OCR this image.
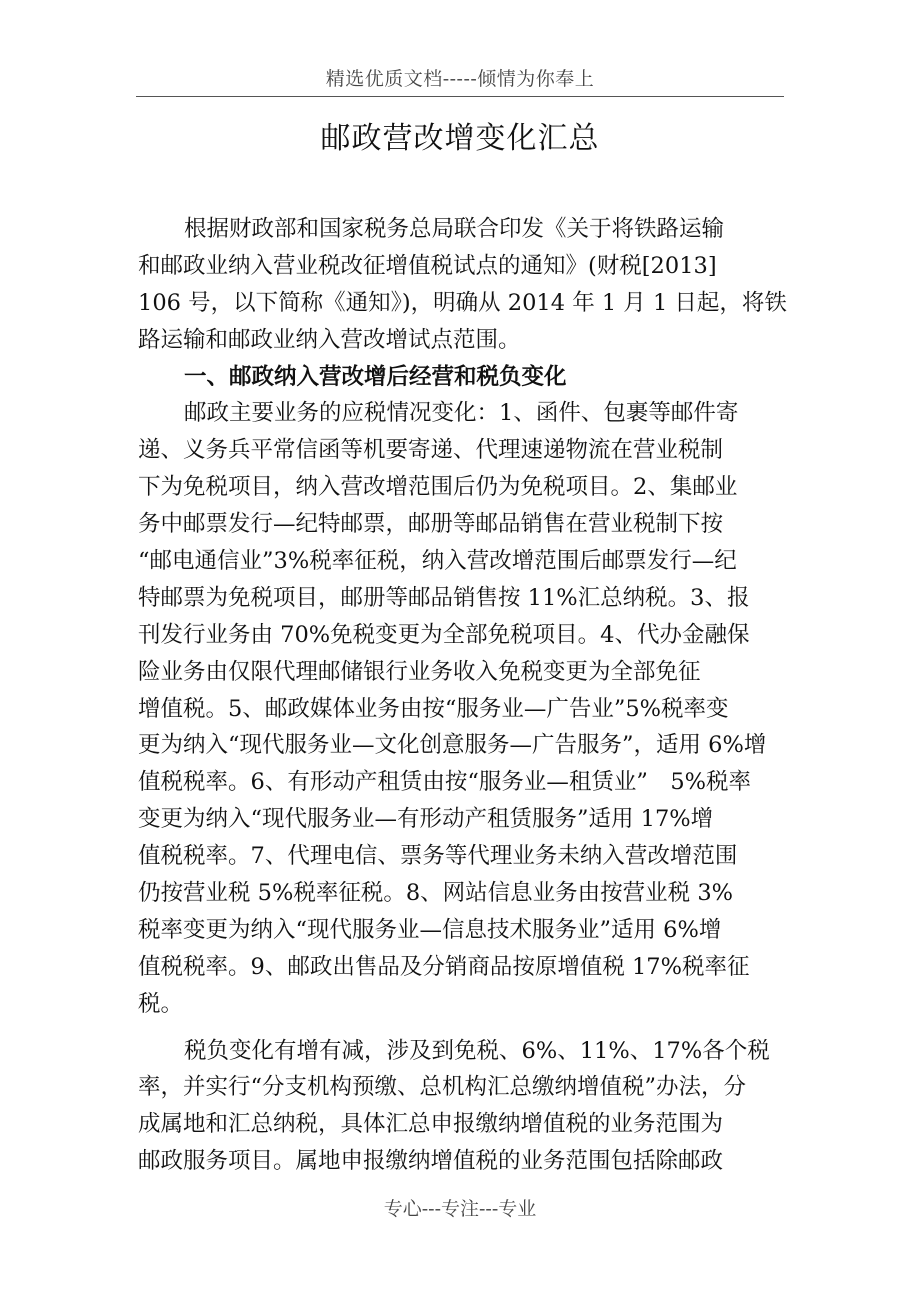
精选优质文档-----倾情为你奉上
邮政营改增变化汇总
根据财政部和国家税务总局联合印发《关于将铁路运输
和邮政业纳入营业税改征增值税试点的通知》(财税[2013]
106 号，以下简称《通知》)，明确从 2014 年 1 月 1 日起，将铁
路运输和邮政业纳入营改增试点范围。
一、邮政纳入营改增后经营和税负变化
邮政主要业务的应税情况变化：1、函件、包裹等邮件寄
递、义务兵平常信函等机要寄递、代理速递物流在营业税制
下为免税项目，纳入营改增范围后仍为免税项目。2、集邮业
务中邮票发行—纪特邮票，邮册等邮品销售在营业税制下按
“邮电通信业”3%税率征税，纳入营改增范围后邮票发行—纪
特邮票为免税项目，邮册等邮品销售按 11%汇总纳税。3、报
刊发行业务由 70%免税变更为全部免税项目。4、代办金融保
险业务由仅限代理邮储银行业务收入免税变更为全部免征
增值税。5、邮政媒体业务由按“服务业—广告业”5%税率变
更为纳入“现代服务业—文化创意服务—广告服务”，适用 6%增
值税税率。6、有形动产租赁由按“服务业—租赁业”　5%税率
变更为纳入“现代服务业—有形动产租赁服务”适用 17%增
值税税率。7、代理电信、票务等代理业务未纳入营改增范围
仍按营业税 5%税率征税。8、网站信息业务由按营业税 3%
税率变更为纳入“现代服务业—信息技术服务业”适用 6%增
值税税率。9、邮政出售品及分销商品按原增值税 17%税率征
税。
税负变化有增有减，涉及到免税、6%、11%、17%各个税
率，并实行“分支机构预缴、总机构汇总缴纳增值税”办法，分
成属地和汇总纳税，具体汇总申报缴纳增值税的业务范围为
邮政服务项目。属地申报缴纳增值税的业务范围包括除邮政
专心---专注---专业
